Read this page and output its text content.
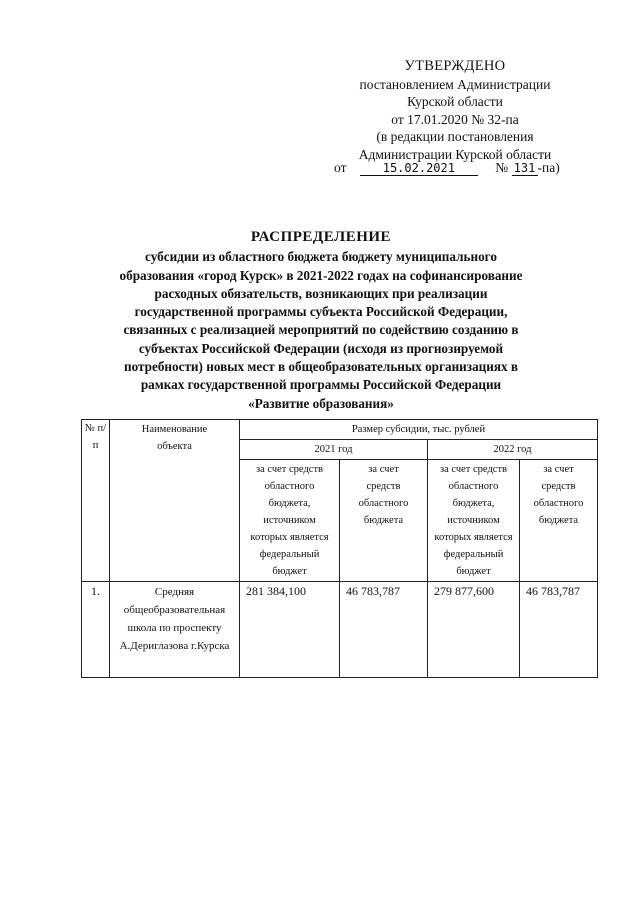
УТВЕРЖДЕНО
постановлением Администрации
Курской области
от 17.01.2020 № 32-па
(в редакции постановления
Администрации Курской области
от	15.02.2021	№ 131 -па)
РАСПРЕДЕЛЕНИЕ
субсидии из областного бюджета бюджету муниципального
образования «город Курск» в 2021-2022 годах на софинансирование
расходных обязательств, возникающих при реализации
государственной программы субъекта Российской Федерации,
связанных с реализацией мероприятий по содействию созданию в
субъектах Российской Федерации (исходя из прогнозируемой
потребности) новых мест в общеобразовательных организациях в
рамках государственной программы Российской Федерации
«Развитие образования»
№ п/п	Наименование объекта	Размер субсидии, тыс. рублей			
		2021 год		2022 год	

		за счет средств областного бюджета, источником которых является федеральный бюджет	за счет средств областного бюджета	за счет средств областного бюджета, источником которых является федеральный бюджет	за счет средств областного бюджета

1.	Средняя общеобразовательная школа по проспекту А.Дериглазова г.Курска	281 384,100	46 783,787	279 877,600	46 783,787
